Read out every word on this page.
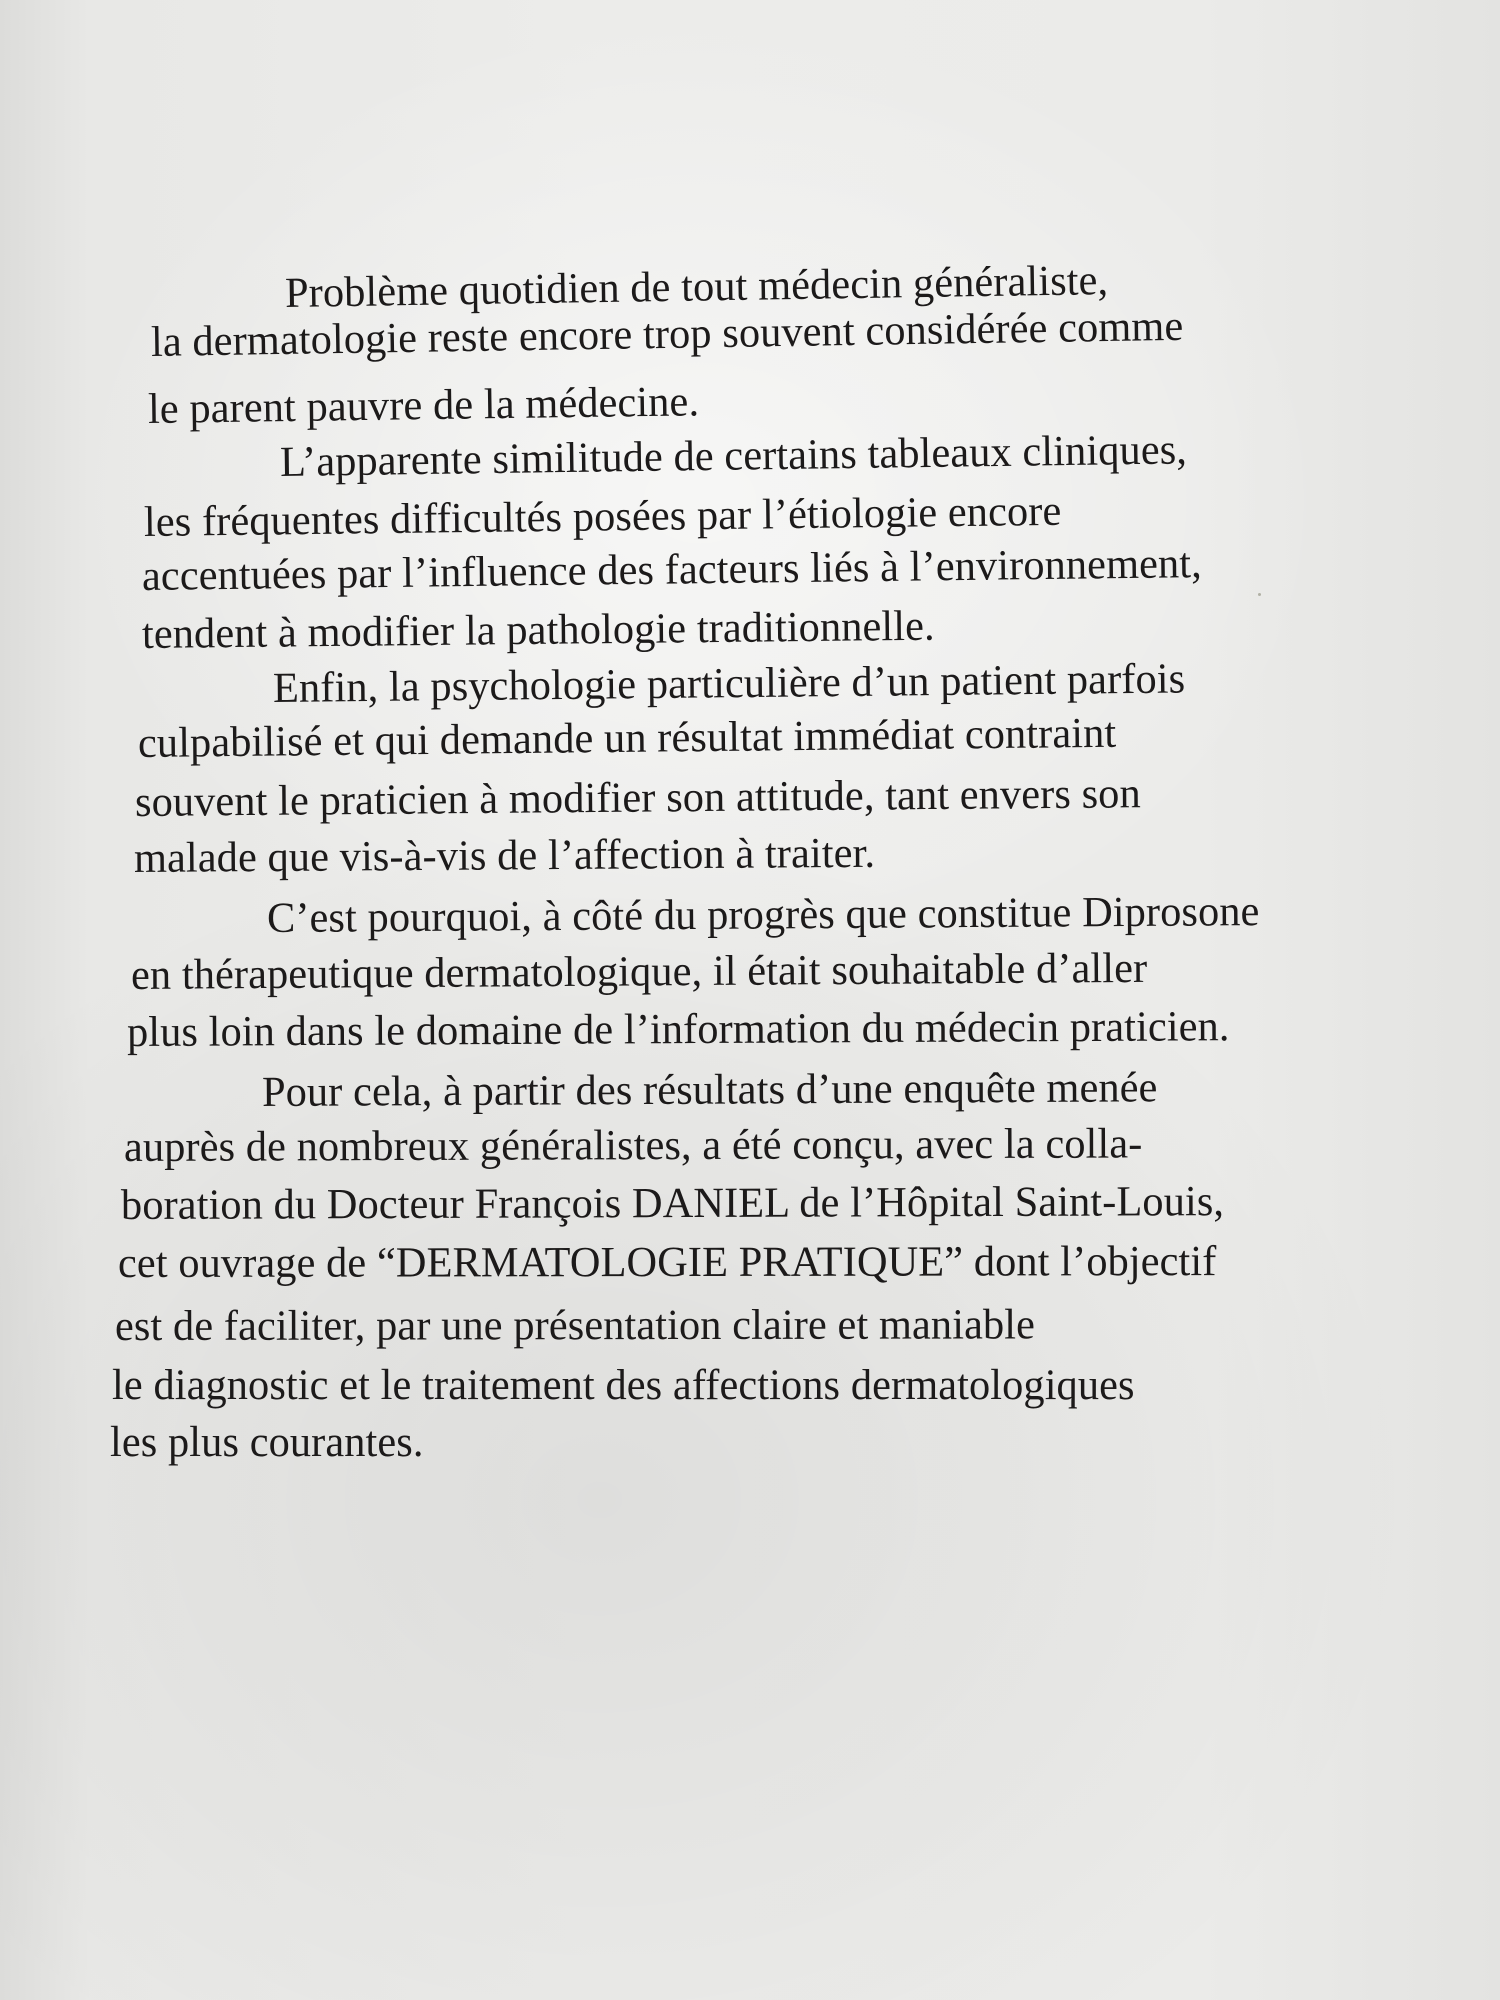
Problème quotidien de tout médecin généraliste,
la dermatologie reste encore trop souvent considérée comme
le parent pauvre de la médecine.
L’apparente similitude de certains tableaux cliniques,
les fréquentes difficultés posées par l’étiologie encore
accentuées par l’influence des facteurs liés à l’environnement,
tendent à modifier la pathologie traditionnelle.
Enfin, la psychologie particulière d’un patient parfois
culpabilisé et qui demande un résultat immédiat contraint
souvent le praticien à modifier son attitude, tant envers son
malade que vis-à-vis de l’affection à traiter.
C’est pourquoi, à côté du progrès que constitue Diprosone
en thérapeutique dermatologique, il était souhaitable d’aller
plus loin dans le domaine de l’information du médecin praticien.
Pour cela, à partir des résultats d’une enquête menée
auprès de nombreux généralistes, a été conçu, avec la colla-
boration du Docteur François DANIEL de l’Hôpital Saint-Louis,
cet ouvrage de “DERMATOLOGIE PRATIQUE” dont l’objectif
est de faciliter, par une présentation claire et maniable
le diagnostic et le traitement des affections dermatologiques
les plus courantes.
